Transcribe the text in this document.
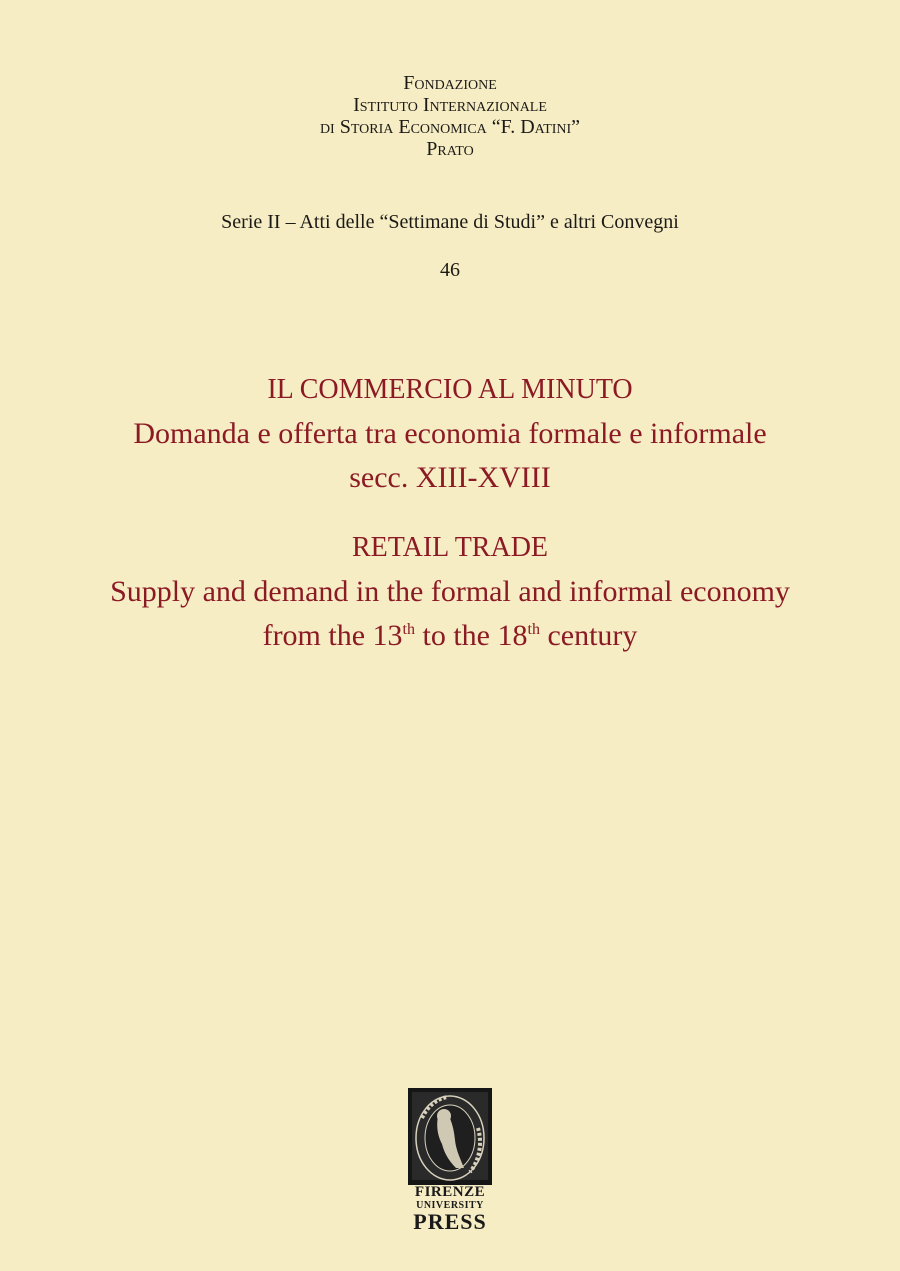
Fondazione
Istituto Internazionale
di Storia Economica “F. Datini”
Prato
Serie II – Atti delle “Settimane di Studi” e altri Convegni
46
IL COMMERCIO AL MINUTO
Domanda e offerta tra economia formale e informale
secc. XIII-XVIII
RETAIL TRADE
Supply and demand in the formal and informal economy
from the 13th to the 18th century
FIRENZE
UNIVERSITY
PRESS
